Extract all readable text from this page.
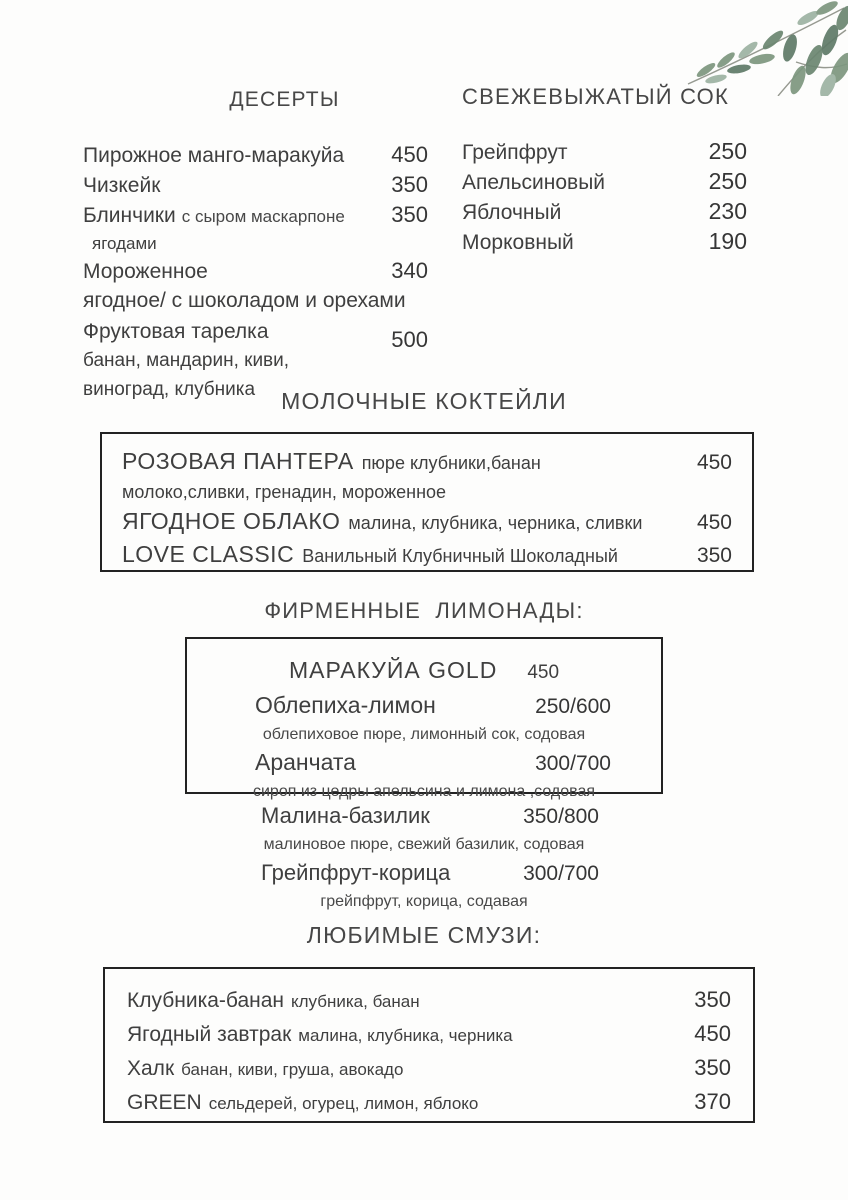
ДЕСЕРТЫ
Пирожное манго-маракуйа 450
Чизкейк	350
Блинчики с сыром маскарпоне 350
ягодами
Мороженное	340
ягодное/ с шоколадом и орехами
Фруктовая тарелка	500
банан, мандарин, киви,
виноград, клубника
СВЕЖЕВЫЖАТЫЙ СОК
Грейпфрут	250
Апельсиновый	250
Яблочный	230
Морковный	190
МОЛОЧНЫЕ КОКТЕЙЛИ
РОЗОВАЯ ПАНТЕРА пюре клубники,банан	450
молоко,сливки, гренадин, мороженное
ЯГОДНОЕ ОБЛАКО малина, клубника, черника, сливки	450
LOVE CLASSIC Ванильный Клубничный Шоколадный	350
ФИРМЕННЫЕ ЛИМОНАДЫ:
МАРАКУЙА GOLD 450
Облепиха-лимон	250/600
облепиховое пюре, лимонный сок, содовая
Аранчата	300/700
сироп из цедры апельсина и лимона ,содовая
Малина-базилик	350/800
малиновое пюре, свежий базилик, содовая
Грейпфрут-корица	300/700
грейпфрут, корица, содавая
ЛЮБИМЫЕ СМУЗИ:
Клубника-банан клубника, банан	350
Ягодный завтрак малина, клубника, черника	450
Халк банан, киви, груша, авокадо	350
GREEN сельдерей, огурец, лимон, яблоко	370
